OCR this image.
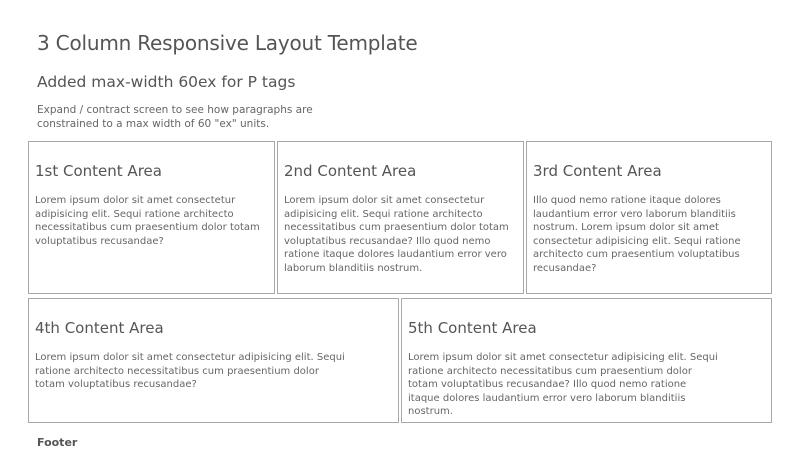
3 Column Responsive Layout Template
Added max-width 60ex for P tags

Expand / contract screen to see how paragraphs are constrained to a max width of 60 "ex" units.

1st Content Area

Lorem ipsum dolor sit amet consectetur adipisicing elit. Sequi ratione architecto necessitatibus cum praesentium dolor totam voluptatibus recusandae?

2nd Content Area

Lorem ipsum dolor sit amet consectetur adipisicing elit. Sequi ratione architecto necessitatibus cum praesentium dolor totam voluptatibus recusandae? Illo quod nemo ratione itaque dolores laudantium error vero laborum blanditiis nostrum.

3rd Content Area

Illo quod nemo ratione itaque dolores laudantium error vero laborum blanditiis nostrum. Lorem ipsum dolor sit amet consectetur adipisicing elit. Sequi ratione architecto cum praesentium voluptatibus recusandae?

4th Content Area

Lorem ipsum dolor sit amet consectetur adipisicing elit. Sequi ratione architecto necessitatibus cum praesentium dolor totam voluptatibus recusandae?

5th Content Area

Lorem ipsum dolor sit amet consectetur adipisicing elit. Sequi ratione architecto necessitatibus cum praesentium dolor totam voluptatibus recusandae? Illo quod nemo ratione itaque dolores laudantium error vero laborum blanditiis nostrum.

Footer
